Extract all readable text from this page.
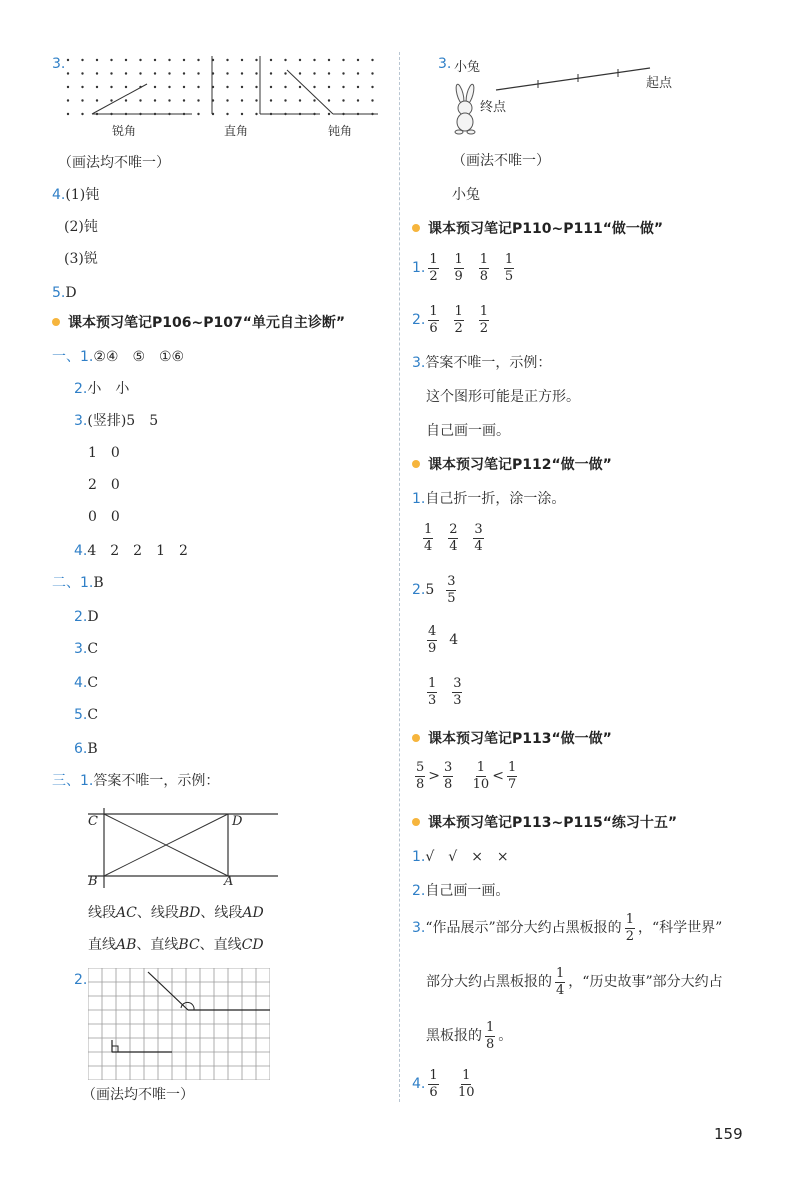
3.
锐角	直角	钝角
（画法均不唯一）
4.(1)钝
(2)钝
(3)锐
5.D
课本预习笔记P106~P107“单元自主诊断”
一、1.②④　⑤　①⑥
2.小　小
3.(竖排)5　5
1　0
2　0
0　0
4.4　2　2　1　2
二、1.B
2.D
3.C
4.C
5.C
6.B
三、1.答案不唯一，示例：
C	D
B	A
线段AC、线段BD、线段AD
直线AB、直线BC、直线CD
2.
（画法均不唯一）
3. 小兔
终点
起点
（画法不唯一）
小兔
课本预习笔记P110~P111“做一做”
1. $\frac{1}{2}$
$\frac{1}{9}$
$\frac{1}{8}$
$\frac{1}{5}$
2. $\frac{1}{6}$
$\frac{1}{2}$
$\frac{1}{2}$
3.答案不唯一，示例：
这个图形可能是正方形。
自己画一画。
课本预习笔记P112“做一做”
1.自己折一折，涂一涂。
$\frac{1}{4}$
$\frac{2}{4}$
$\frac{3}{4}$
2. 5
$\frac{3}{5}$
$\frac{4}{9}$
4
$\frac{1}{3}$
$\frac{3}{3}$
课本预习笔记P113“做一做”
$\frac{5}{8} > \frac{3}{8}$
$\frac{1}{10} < \frac{1}{7}$
课本预习笔记P113~P115“练习十五”
1.√　√　×　×
2.自己画一画。
3. “作品展示”部分大约占黑板报的 $\frac{1}{2}$ ，“科学世界”
部分大约占黑板报的 $\frac{1}{4}$ ，“历史故事”部分大约占
黑板报的 $\frac{1}{8}$ 。
4. $\frac{1}{6}$
$\frac{1}{10}$
159
